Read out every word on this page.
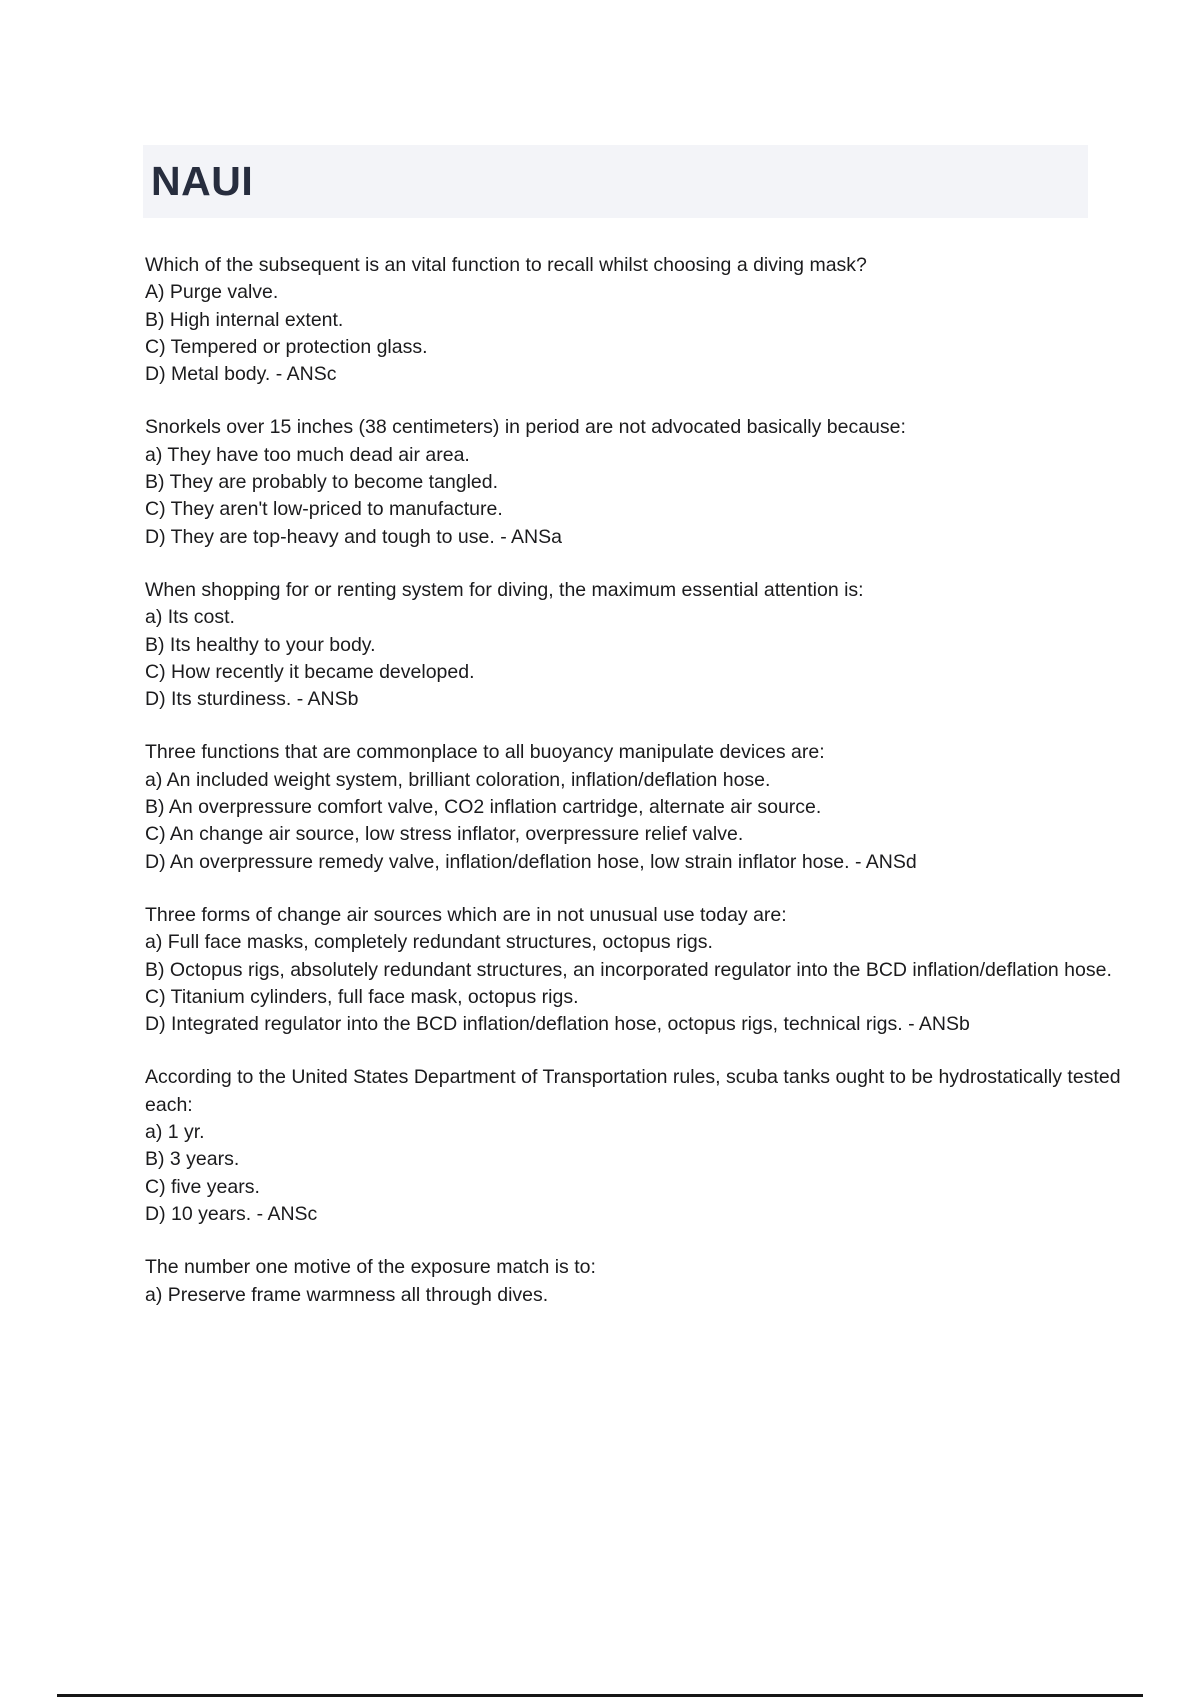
NAUI

Which of the subsequent is an vital function to recall whilst choosing a diving mask?

A) Purge valve.

B) High internal extent.

C) Tempered or protection glass.

D) Metal body. - ANSc

Snorkels over 15 inches (38 centimeters) in period are not advocated basically because:

a) They have too much dead air area.

B) They are probably to become tangled.

C) They aren't low-priced to manufacture.

D) They are top-heavy and tough to use. - ANSa

When shopping for or renting system for diving, the maximum essential attention is:

a) Its cost.

B) Its healthy to your body.

C) How recently it became developed.

D) Its sturdiness. - ANSb

Three functions that are commonplace to all buoyancy manipulate devices are:

a) An included weight system, brilliant coloration, inflation/deflation hose.

B) An overpressure comfort valve, CO2 inflation cartridge, alternate air source.

C) An change air source, low stress inflator, overpressure relief valve.

D) An overpressure remedy valve, inflation/deflation hose, low strain inflator hose. - ANSd

Three forms of change air sources which are in not unusual use today are:

a) Full face masks, completely redundant structures, octopus rigs.

B) Octopus rigs, absolutely redundant structures, an incorporated regulator into the BCD inflation/deflation hose.

C) Titanium cylinders, full face mask, octopus rigs.

D) Integrated regulator into the BCD inflation/deflation hose, octopus rigs, technical rigs. - ANSb

According to the United States Department of Transportation rules, scuba tanks ought to be hydrostatically tested each:

a) 1 yr.

B) 3 years.

C) five years.

D) 10 years. - ANSc

The number one motive of the exposure match is to:

a) Preserve frame warmness all through dives.
